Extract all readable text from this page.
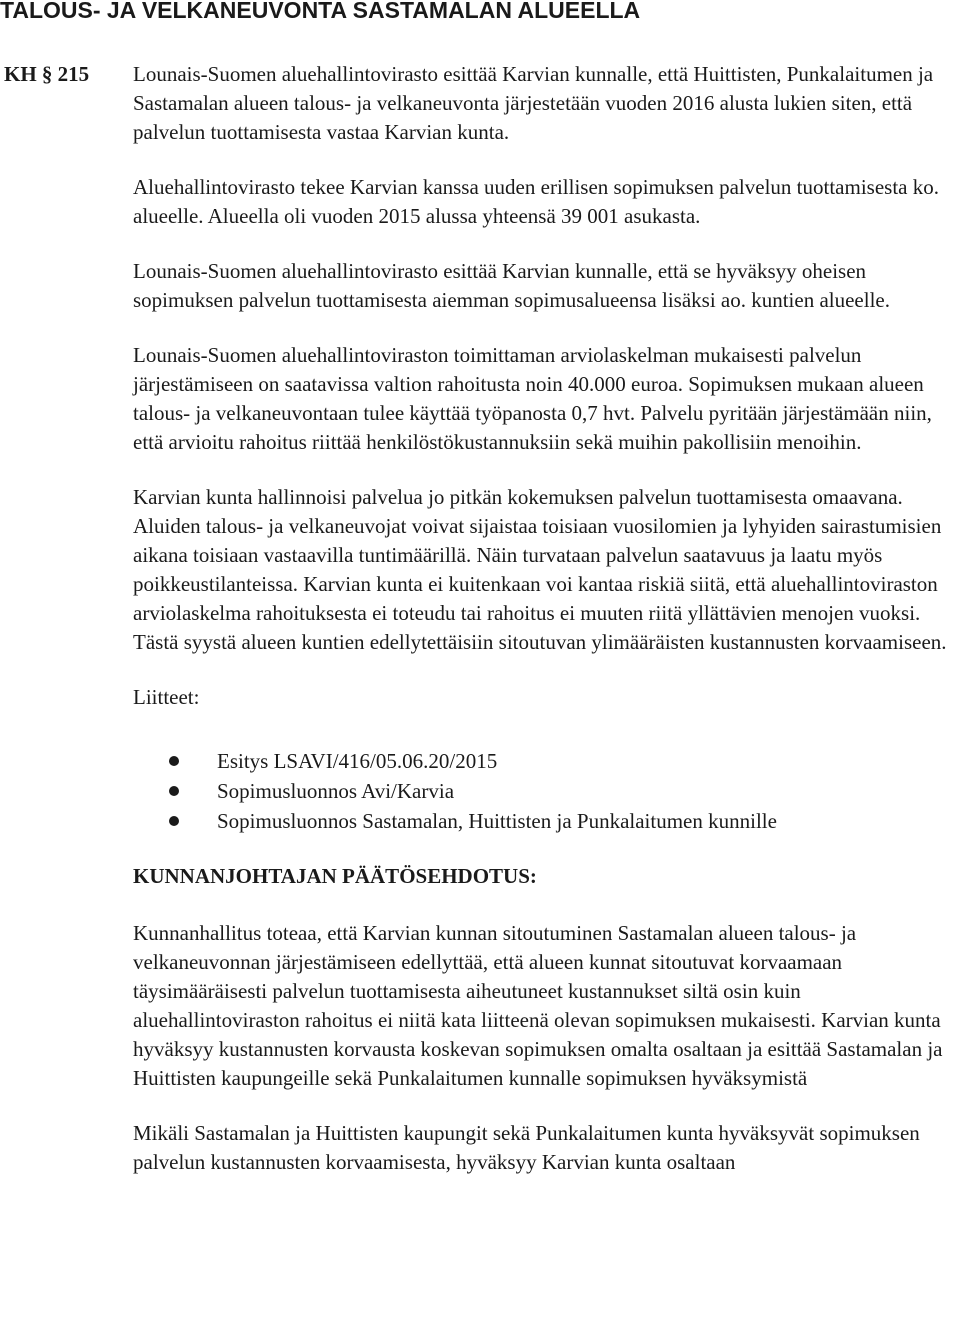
TALOUS- JA VELKANEUVONTA SASTAMALAN ALUEELLA
KH § 215 Lounais-Suomen aluehallintovirasto esittää Karvian kunnalle, että Huittisten, Punkalaitumen ja Sastamalan alueen talous- ja velkaneuvonta järjestetään vuoden 2016 alusta lukien siten, että palvelun tuottamisesta vastaa Karvian kunta.

Aluehallintovirasto tekee Karvian kanssa uuden erillisen sopimuksen palvelun tuottamisesta ko. alueelle. Alueella oli vuoden 2015 alussa yhteensä 39 001 asukasta.

Lounais-Suomen aluehallintovirasto esittää Karvian kunnalle, että se hyväksyy oheisen sopimuksen palvelun tuottamisesta aiemman sopimusalueensa lisäksi ao. kuntien alueelle.

Lounais-Suomen aluehallintoviraston toimittaman arviolaskelman mukaisesti palvelun järjestämiseen on saatavissa valtion rahoitusta noin 40.000 euroa. Sopimuksen mukaan alueen talous- ja velkaneuvontaan tulee käyttää työpanosta 0,7 hvt. Palvelu pyritään järjestämään niin, että arvioitu rahoitus riittää henkilöstökustannuksiin sekä muihin pakollisiin menoihin.

Karvian kunta hallinnoisi palvelua jo pitkän kokemuksen palvelun tuottamisesta omaavana. Aluiden talous- ja velkaneuvojat voivat sijaistaa toisiaan vuosilomien ja lyhyiden sairastumisien aikana toisiaan vastaavilla tuntimäärillä. Näin turvataan palvelun saatavuus ja laatu myös poikkeustilanteissa. Karvian kunta ei kuitenkaan voi kantaa riskiä siitä, että aluehallintoviraston arviolaskelma rahoituksesta ei toteudu tai rahoitus ei muuten riitä yllättävien menojen vuoksi. Tästä syystä alueen kuntien edellytettäisiin sitoutuvan ylimääräisten kustannusten korvaamiseen.

Liitteet:

Esitys LSAVI/416/05.06.20/2015
Sopimusluonnos Avi/Karvia
Sopimusluonnos Sastamalan, Huittisten ja Punkalaitumen kunnille
KUNNANJOHTAJAN PÄÄTÖSEHDOTUS:

Kunnanhallitus toteaa, että Karvian kunnan sitoutuminen Sastamalan alueen talous- ja velkaneuvonnan järjestämiseen edellyttää, että alueen kunnat sitoutuvat korvaamaan täysimääräisesti palvelun tuottamisesta aiheutuneet kustannukset siltä osin kuin aluehallintoviraston rahoitus ei niitä kata liitteenä olevan sopimuksen mukaisesti. Karvian kunta hyväksyy kustannusten korvausta koskevan sopimuksen omalta osaltaan ja esittää Sastamalan ja Huittisten kaupungeille sekä Punkalaitumen kunnalle sopimuksen hyväksymistä

Mikäli Sastamalan ja Huittisten kaupungit sekä Punkalaitumen kunta hyväksyvät sopimuksen palvelun kustannusten korvaamisesta, hyväksyy Karvian kunta osaltaan
